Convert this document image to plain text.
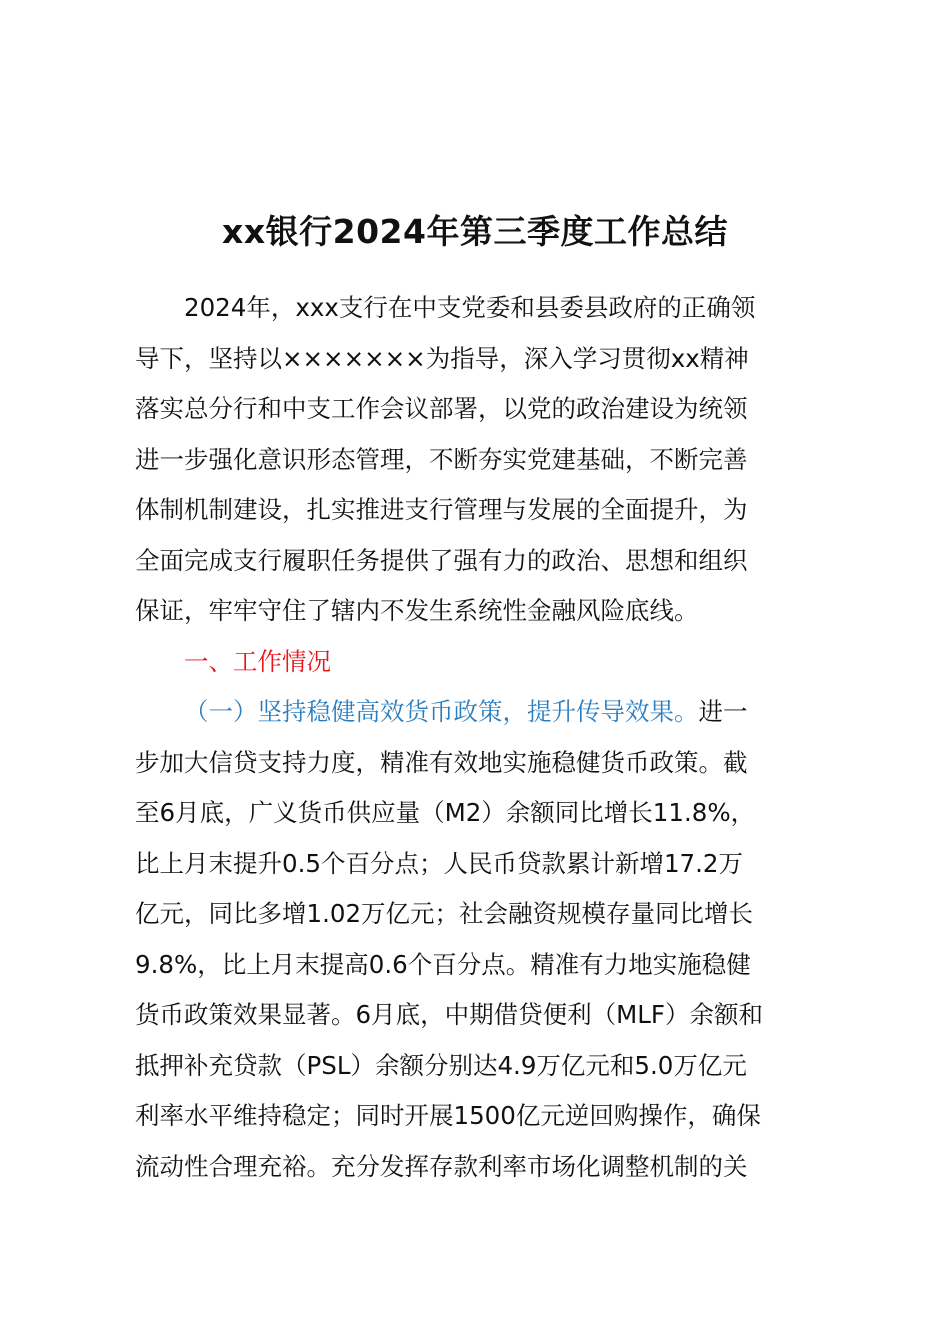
xx银行2024年第三季度工作总结
2024年，xxx支行在中支党委和县委县政府的正确领
导下，坚持以×××××××为指导，深入学习贯彻xx精神
落实总分行和中支工作会议部署，以党的政治建设为统领
进一步强化意识形态管理，不断夯实党建基础，不断完善
体制机制建设，扎实推进支行管理与发展的全面提升，为
全面完成支行履职任务提供了强有力的政治、思想和组织
保证，牢牢守住了辖内不发生系统性金融风险底线。
一、工作情况
（一）坚持稳健高效货币政策，提升传导效果。进一
步加大信贷支持力度，精准有效地实施稳健货币政策。截
至6月底，广义货币供应量（M2）余额同比增长11.8%，
比上月末提升0.5个百分点；人民币贷款累计新增17.2万
亿元，同比多增1.02万亿元；社会融资规模存量同比增长
9.8%，比上月末提高0.6个百分点。精准有力地实施稳健
货币政策效果显著。6月底，中期借贷便利（MLF）余额和
抵押补充贷款（PSL）余额分别达4.9万亿元和5.0万亿元
利率水平维持稳定；同时开展1500亿元逆回购操作，确保
流动性合理充裕。充分发挥存款利率市场化调整机制的关
